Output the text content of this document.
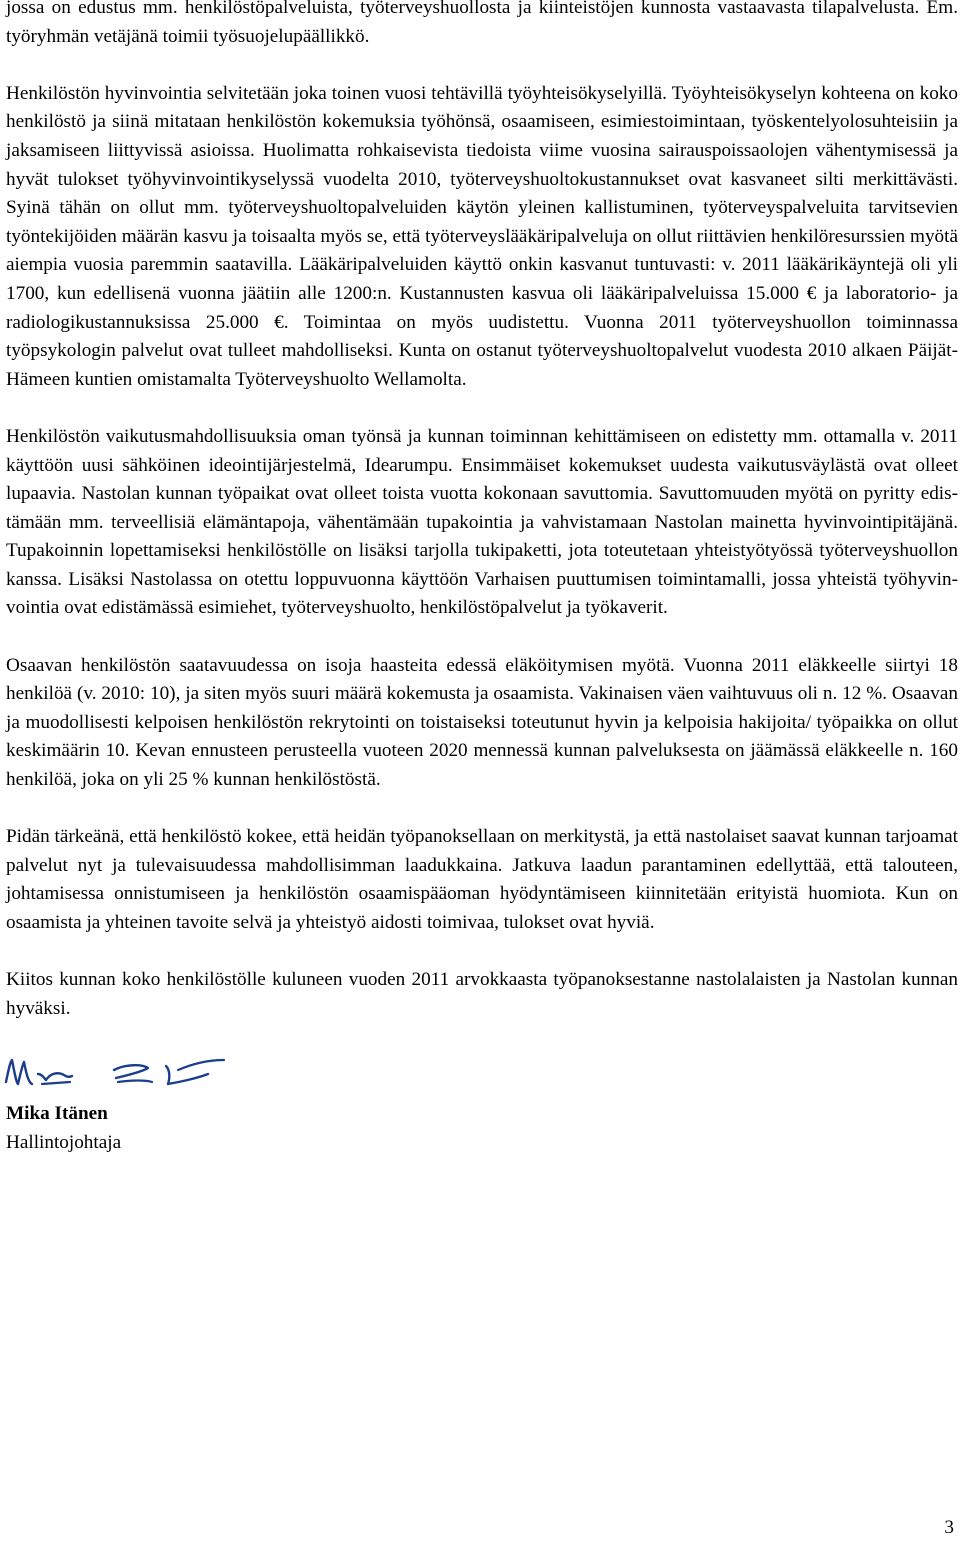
jossa on edustus mm. henkilöstöpalveluista, työterveyshuollosta ja kiinteistöjen kunnosta vastaavasta tilapalvelusta. Em. työryhmän vetäjänä toimii työsuojelupäällikkö.

Henkilöstön hyvinvointia selvitetään joka toinen vuosi tehtävillä työyhteisökyselyillä. Työyhteisökyselyn kohteena on koko henkilöstö ja siinä mitataan henkilöstön kokemuksia työhönsä, osaamiseen, esimiestoimintaan, työskentelyolosuhteisiin ja jaksamiseen liittyvissä asioissa. Huolimatta rohkaisevista tiedoista viime vuosina sairauspoissaolojen vähentymisessä ja hyvät tulokset työhyvinvointikyselyssä vuodelta 2010, työterveyshuoltokustannukset ovat kasvaneet silti merkittävästi. Syinä tähän on ollut mm. työterveyshuoltopalveluiden käytön yleinen kallistuminen, työterveyspalveluita tarvitsevien työntekijöiden määrän kasvu ja toisaalta myös se, että työterveyslääkäripalveluja on ollut riittävien henkilöresurssien myötä aiempia vuosia paremmin saatavilla. Lääkäripalveluiden käyttö onkin kasvanut tuntuvasti: v. 2011 lääkärikäyntejä oli yli 1700, kun edellisenä vuonna jäätiin alle 1200:n. Kustannusten kasvua oli lääkäripalveluissa 15.000 € ja laboratorio- ja radiologikustannuksissa 25.000 €. Toimintaa on myös uudistettu. Vuonna 2011 työterveyshuollon toiminnassa työpsykologin palvelut ovat tulleet mahdolliseksi. Kunta on ostanut työterveyshuoltopalvelut vuodesta 2010 alkaen Päijät-Hämeen kuntien omistamalta Työterveyshuolto Wellamolta.

Henkilöstön vaikutusmahdollisuuksia oman työnsä ja kunnan toiminnan kehittämiseen on edistetty mm. ottamalla v. 2011 käyttöön uusi sähköinen ideointijärjestelmä, Idearumpu. Ensimmäiset kokemukset uudesta vaikutusväylästä ovat olleet lupaavia. Nastolan kunnan työpaikat ovat olleet toista vuotta kokonaan savuttomia. Savuttomuuden myötä on pyritty edistämään mm. terveellisiä elämäntapoja, vähentämään tupakointia ja vahvistamaan Nastolan mainetta hyvinvointipitäjänä. Tupakoinnin lopettamiseksi henkilöstölle on lisäksi tarjolla tukipaketti, jota toteutetaan yhteistyötyössä työterveyshuollon kanssa. Lisäksi Nastolassa on otettu loppuvuonna käyttöön Varhaisen puuttumisen toimintamalli, jossa yhteistä työhyvinvointia ovat edistämässä esimiehet, työterveyshuolto, henkilöstöpalvelut ja työkaverit.

Osaavan henkilöstön saatavuudessa on isoja haasteita edessä eläköitymisen myötä. Vuonna 2011 eläkkeelle siirtyi 18 henkilöä (v. 2010: 10), ja siten myös suuri määrä kokemusta ja osaamista. Vakinaisen väen vaihtuvuus oli n. 12 %. Osaavan ja muodollisesti kelpoisen henkilöstön rekrytointi on toistaiseksi toteutunut hyvin ja kelpoisia hakijoita/ työpaikka on ollut keskimäärin 10. Kevan ennusteen perusteella vuoteen 2020 mennessä kunnan palveluksesta on jäämässä eläkkeelle n. 160 henkilöä, joka on yli 25 % kunnan henkilöstöstä.

Pidän tärkeänä, että henkilöstö kokee, että heidän työpanoksellaan on merkitystä, ja että nastolaiset saavat kunnan tarjoamat palvelut nyt ja tulevaisuudessa mahdollisimman laadukkaina. Jatkuva laadun parantaminen edellyttää, että talouteen, johtamisessa onnistumiseen ja henkilöstön osaamispääoman hyödyntämiseen kiinnitetään erityistä huomiota. Kun on osaamista ja yhteinen tavoite selvä ja yhteistyö aidosti toimivaa, tulokset ovat hyviä.

Kiitos kunnan koko henkilöstölle kuluneen vuoden 2011 arvokkaasta työpanoksestanne nastolalaisten ja Nastolan kunnan hyväksi.

Mika Itänen

Hallintojohtaja

3
